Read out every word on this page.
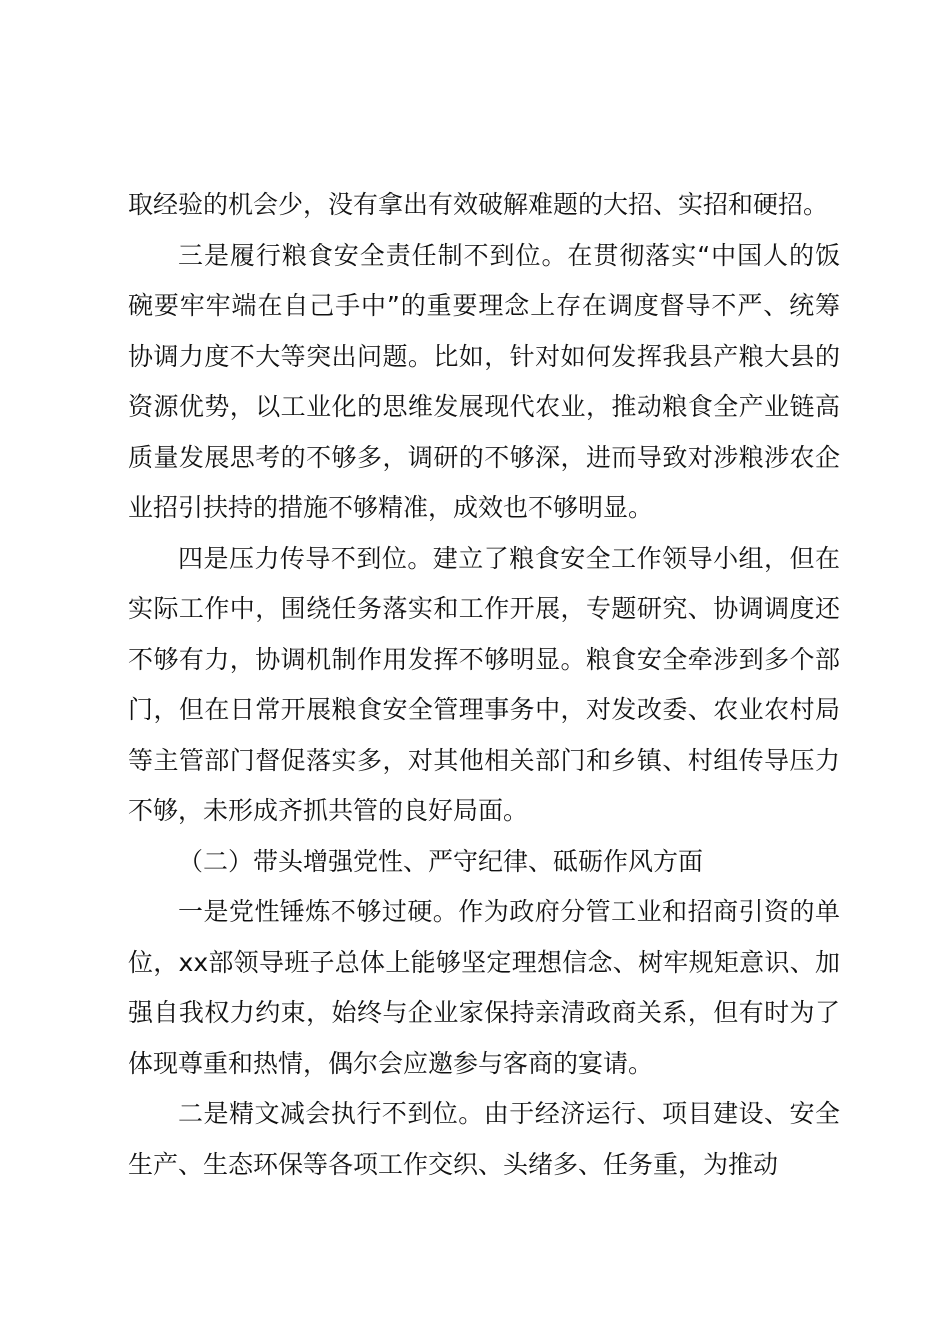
取经验的机会少，没有拿出有效破解难题的大招、实招和硬招。

三是履行粮食安全责任制不到位。在贯彻落实“中国人的饭碗要牢牢端在自己手中”的重要理念上存在调度督导不严、统筹协调力度不大等突出问题。比如，针对如何发挥我县产粮大县的资源优势，以工业化的思维发展现代农业，推动粮食全产业链高质量发展思考的不够多，调研的不够深，进而导致对涉粮涉农企业招引扶持的措施不够精准，成效也不够明显。

四是压力传导不到位。建立了粮食安全工作领导小组，但在实际工作中，围绕任务落实和工作开展，专题研究、协调调度还不够有力，协调机制作用发挥不够明显。粮食安全牵涉到多个部门，但在日常开展粮食安全管理事务中，对发改委、农业农村局等主管部门督促落实多，对其他相关部门和乡镇、村组传导压力不够，未形成齐抓共管的良好局面。

（二）带头增强党性、严守纪律、砥砺作风方面

一是党性锤炼不够过硬。作为政府分管工业和招商引资的单位，xx部领导班子总体上能够坚定理想信念、树牢规矩意识、加强自我权力约束，始终与企业家保持亲清政商关系，但有时为了体现尊重和热情，偶尔会应邀参与客商的宴请。

二是精文减会执行不到位。由于经济运行、项目建设、安全生产、生态环保等各项工作交织、头绪多、任务重，为推动
